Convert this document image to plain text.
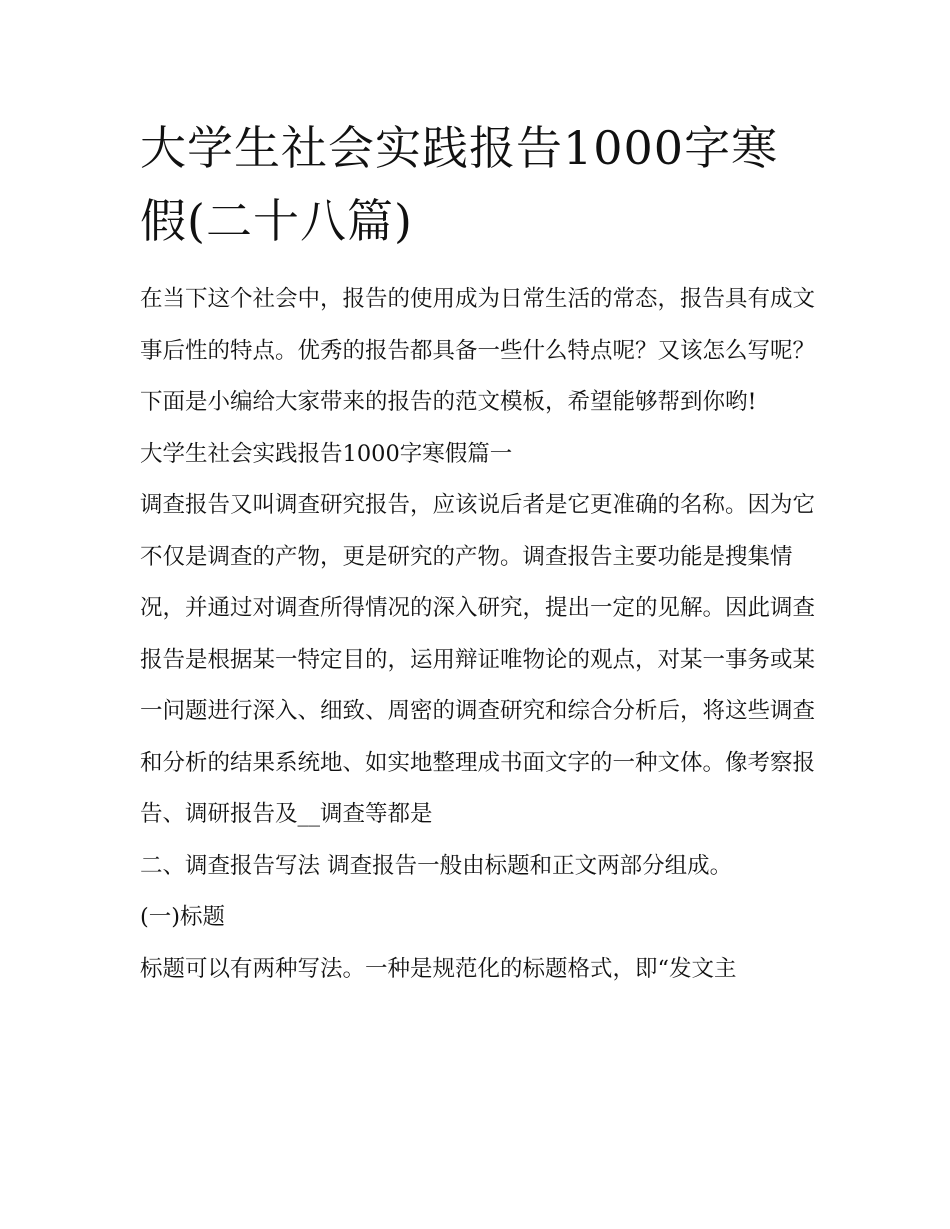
大学生社会实践报告1000字寒假(二十八篇)

在当下这个社会中，报告的使用成为日常生活的常态，报告具有成文事后性的特点。优秀的报告都具备一些什么特点呢？又该怎么写呢？下面是小编给大家带来的报告的范文模板，希望能够帮到你哟!

大学生社会实践报告1000字寒假篇一

调查报告又叫调查研究报告，应该说后者是它更准确的名称。因为它不仅是调查的产物，更是研究的产物。调查报告主要功能是搜集情况，并通过对调查所得情况的深入研究，提出一定的见解。因此调查报告是根据某一特定目的，运用辩证唯物论的观点，对某一事务或某一问题进行深入、细致、周密的调查研究和综合分析后，将这些调查和分析的结果系统地、如实地整理成书面文字的一种文体。像考察报告、调研报告及__调查等都是

二、调查报告写法 调查报告一般由标题和正文两部分组成。

(一)标题

标题可以有两种写法。一种是规范化的标题格式，即“发文主
